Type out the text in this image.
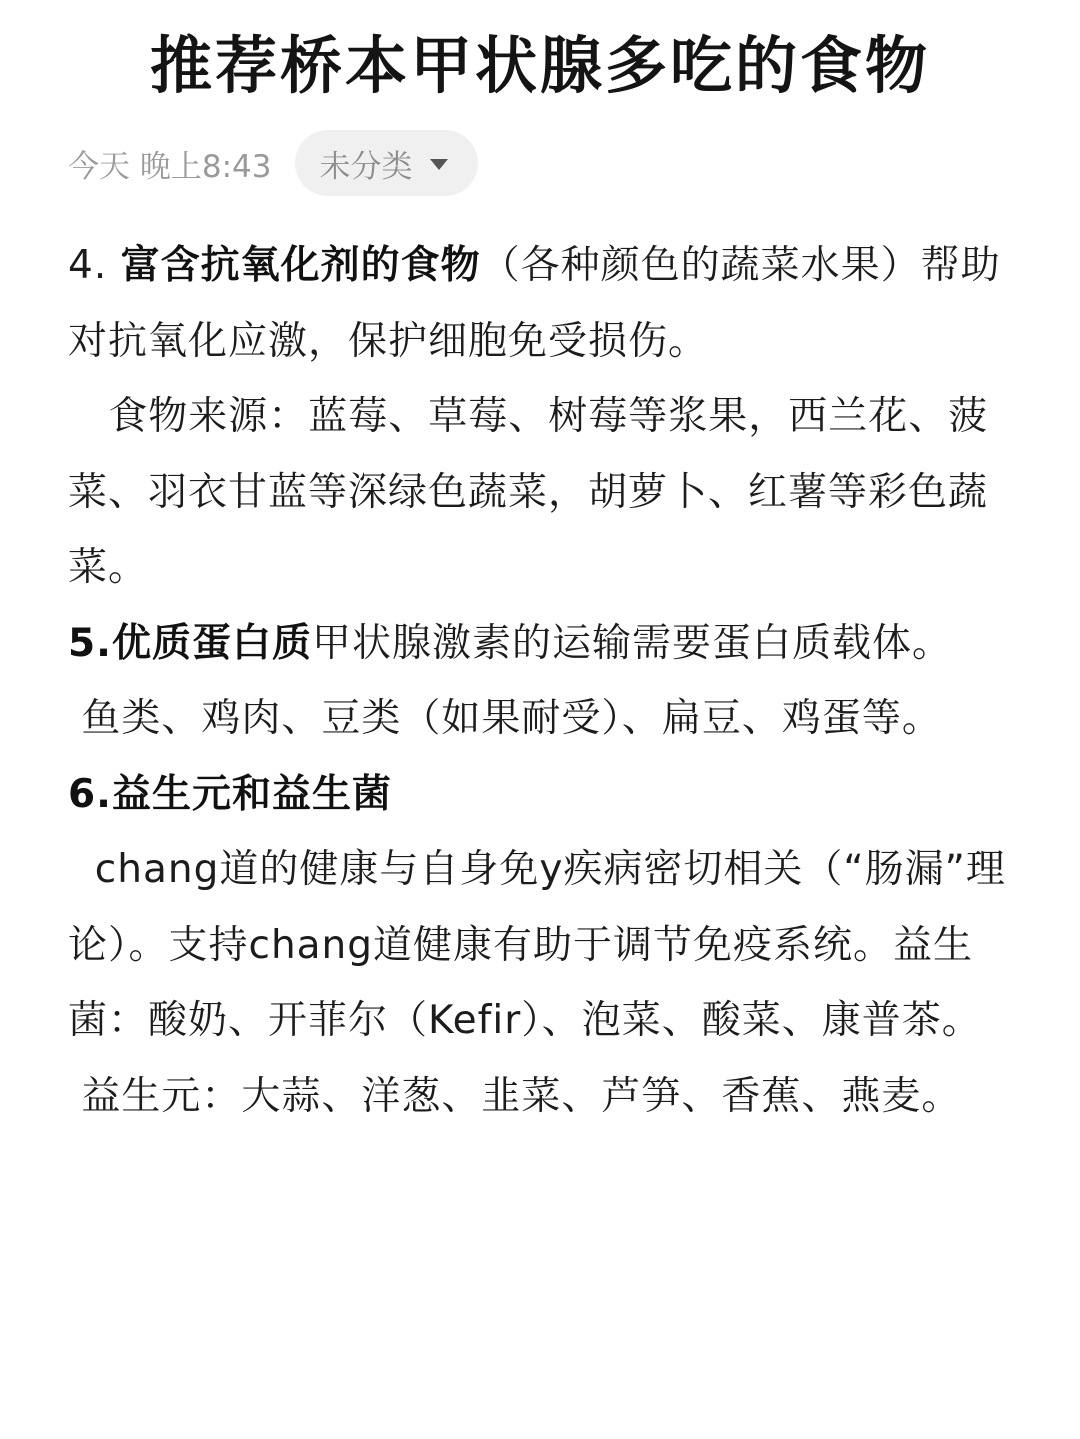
推荐桥本甲状腺多吃的食物
今天 晚上8:43 未分类

4. 富含抗氧化剂的食物（各种颜色的蔬菜水果）帮助对抗氧化应激，保护细胞免受损伤。

食物来源：蓝莓、草莓、树莓等浆果，西兰花、菠菜、羽衣甘蓝等深绿色蔬菜，胡萝卜、红薯等彩色蔬菜。

5.优质蛋白质甲状腺激素的运输需要蛋白质载体。

鱼类、鸡肉、豆类（如果耐受）、扁豆、鸡蛋等。

6.益生元和益生菌

chang道的健康与自身免y疾病密切相关（“肠漏”理论）。支持chang道健康有助于调节免疫系统。益生菌：酸奶、开菲尔（Kefir）、泡菜、酸菜、康普茶。

益生元：大蒜、洋葱、韭菜、芦笋、香蕉、燕麦。
